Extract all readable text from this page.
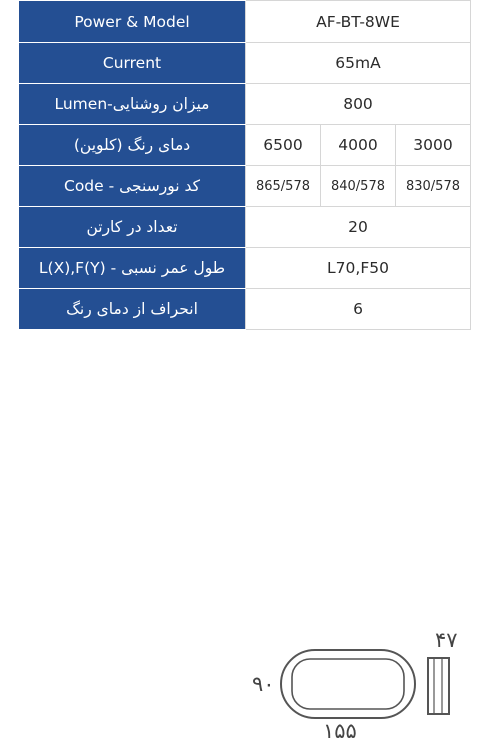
Power & Model	AF-BT-8WE		
Current	65mA		
میزان روشنایی-Lumen	800		
دمای رنگ (کلوین)	6500	4000	3000
کد نورسنجی - Code	865/578	840/578	830/578
تعداد در کارتن	20		
طول عمر نسبی - L(X),F(Y)	L70,F50		
انحراف از دمای رنگ	6		
۴۷
۹۰
۱۵۵
